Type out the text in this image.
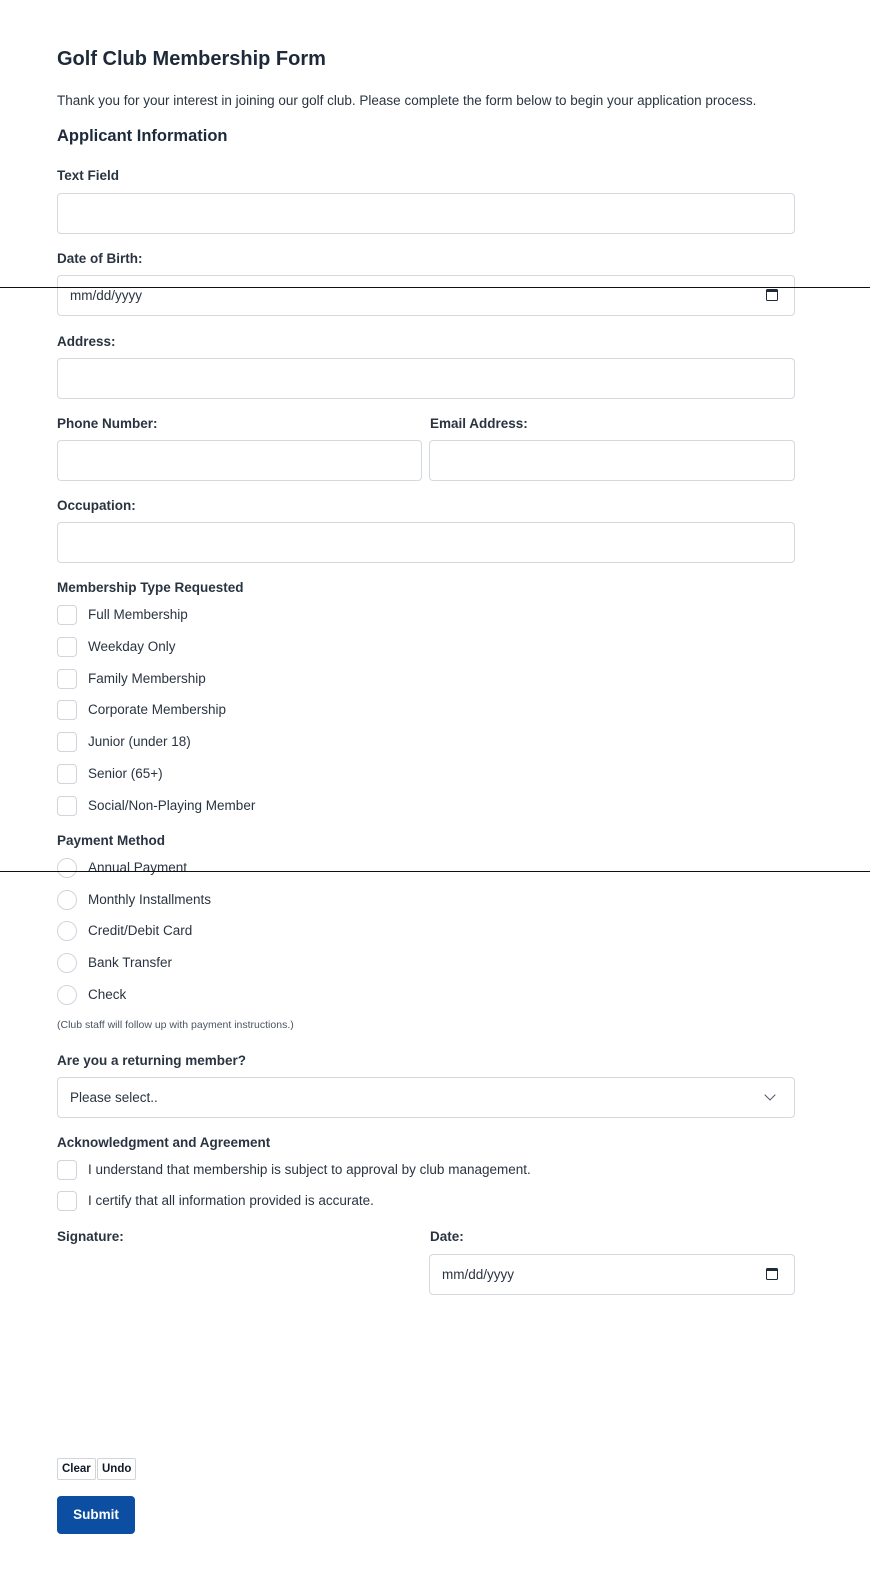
Golf Club Membership Form
Thank you for your interest in joining our golf club. Please complete the form below to begin your application process.
Applicant Information
Text Field
Date of Birth:
mm/dd/yyyy
Address:
Phone Number:	Email Address:
Occupation:
Membership Type Requested
Full Membership
Weekday Only
Family Membership
Corporate Membership
Junior (under 18)
Senior (65+)
Social/Non-Playing Member
Payment Method
Annual Payment
Monthly Installments
Credit/Debit Card
Bank Transfer
Check
(Club staff will follow up with payment instructions.)
Are you a returning member?
Please select..
Acknowledgment and Agreement
I understand that membership is subject to approval by club management.
I certify that all information provided is accurate.
Signature:	Date:
mm/dd/yyyy
Clear Undo
Submit
